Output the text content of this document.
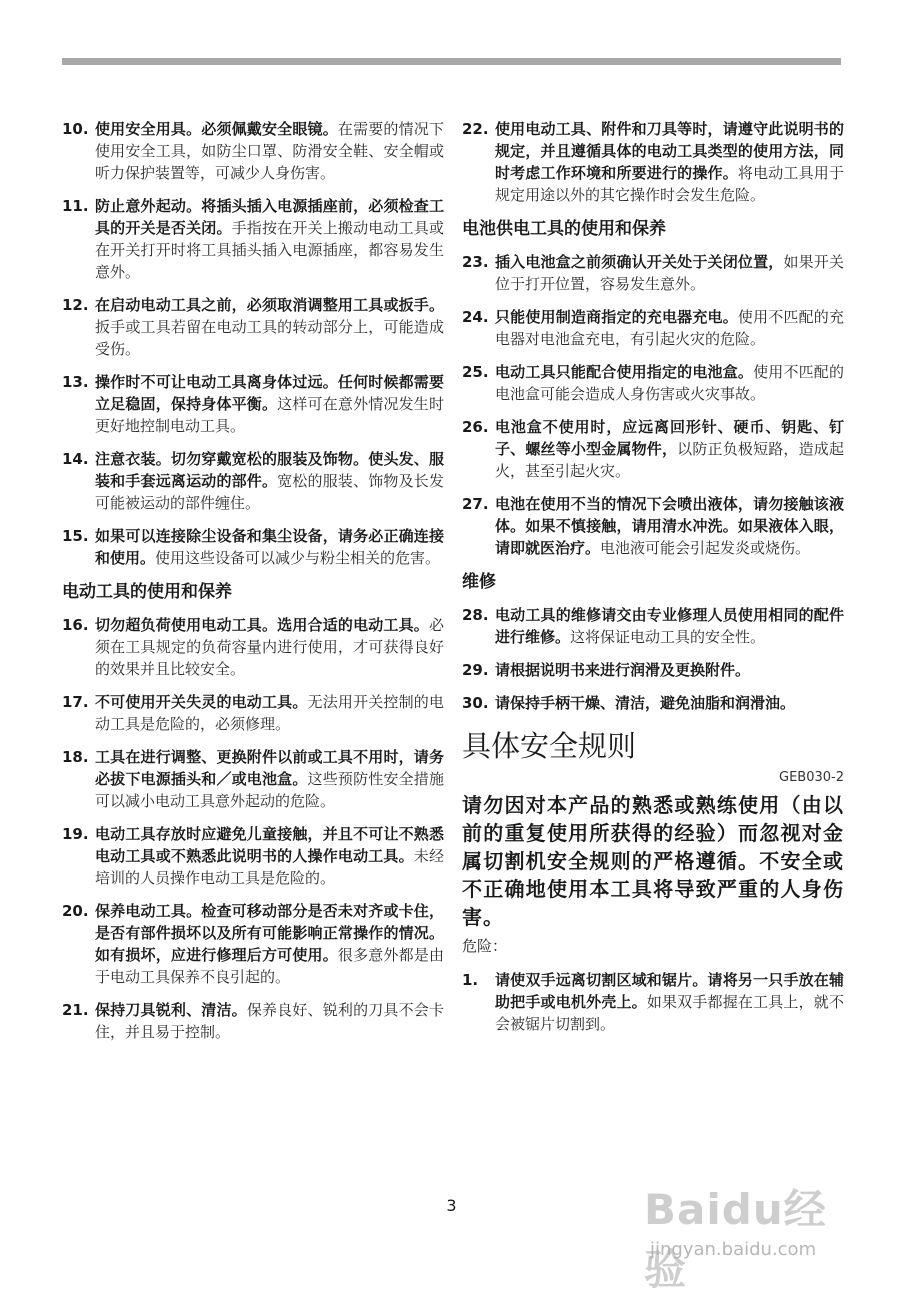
10. 使用安全用具。必须佩戴安全眼镜。在需要的情况下使用安全工具，如防尘口罩、防滑安全鞋、安全帽或听力保护装置等，可减少人身伤害。
11. 防止意外起动。将插头插入电源插座前，必须检查工具的开关是否关闭。手指按在开关上搬动电动工具或在开关打开时将工具插头插入电源插座，都容易发生意外。
12. 在启动电动工具之前，必须取消调整用工具或扳手。扳手或工具若留在电动工具的转动部分上，可能造成受伤。
13. 操作时不可让电动工具离身体过远。任何时候都需要立足稳固，保持身体平衡。这样可在意外情况发生时更好地控制电动工具。
14. 注意衣装。切勿穿戴宽松的服装及饰物。使头发、服装和手套远离运动的部件。宽松的服装、饰物及长发可能被运动的部件缠住。
15. 如果可以连接除尘设备和集尘设备，请务必正确连接和使用。使用这些设备可以减少与粉尘相关的危害。
电动工具的使用和保养
16. 切勿超负荷使用电动工具。选用合适的电动工具。必须在工具规定的负荷容量内进行使用，才可获得良好的效果并且比较安全。
17. 不可使用开关失灵的电动工具。无法用开关控制的电动工具是危险的，必须修理。
18. 工具在进行调整、更换附件以前或工具不用时，请务必拔下电源插头和／或电池盒。这些预防性安全措施可以减小电动工具意外起动的危险。
19. 电动工具存放时应避免儿童接触，并且不可让不熟悉电动工具或不熟悉此说明书的人操作电动工具。未经培训的人员操作电动工具是危险的。
20. 保养电动工具。检查可移动部分是否未对齐或卡住，是否有部件损坏以及所有可能影响正常操作的情况。如有损坏，应进行修理后方可使用。很多意外都是由于电动工具保养不良引起的。
21. 保持刀具锐利、清洁。保养良好、锐利的刀具不会卡住，并且易于控制。
22. 使用电动工具、附件和刀具等时，请遵守此说明书的规定，并且遵循具体的电动工具类型的使用方法，同时考虑工作环境和所要进行的操作。将电动工具用于规定用途以外的其它操作时会发生危险。
电池供电工具的使用和保养
23. 插入电池盒之前须确认开关处于关闭位置，如果开关位于打开位置，容易发生意外。
24. 只能使用制造商指定的充电器充电。使用不匹配的充电器对电池盒充电，有引起火灾的危险。
25. 电动工具只能配合使用指定的电池盒。使用不匹配的电池盒可能会造成人身伤害或火灾事故。
26. 电池盒不使用时，应远离回形针、硬币、钥匙、钉子、螺丝等小型金属物件，以防正负极短路，造成起火，甚至引起火灾。
27. 电池在使用不当的情况下会喷出液体，请勿接触该液体。如果不慎接触，请用清水冲洗。如果液体入眼，请即就医治疗。电池液可能会引起发炎或烧伤。
维修
28. 电动工具的维修请交由专业修理人员使用相同的配件进行维修。这将保证电动工具的安全性。
29. 请根据说明书来进行润滑及更换附件。
30. 请保持手柄干燥、清洁，避免油脂和润滑油。
具体安全规则
GEB030-2
请勿因对本产品的熟悉或熟练使用（由以前的重复使用所获得的经验）而忽视对金属切割机安全规则的严格遵循。不安全或不正确地使用本工具将导致严重的人身伤害。
危险：
1.	请使双手远离切割区域和锯片。请将另一只手放在辅助把手或电机外壳上。如果双手都握在工具上，就不会被锯片切割到。
3	Baidu经验
jingyan.baidu.com
